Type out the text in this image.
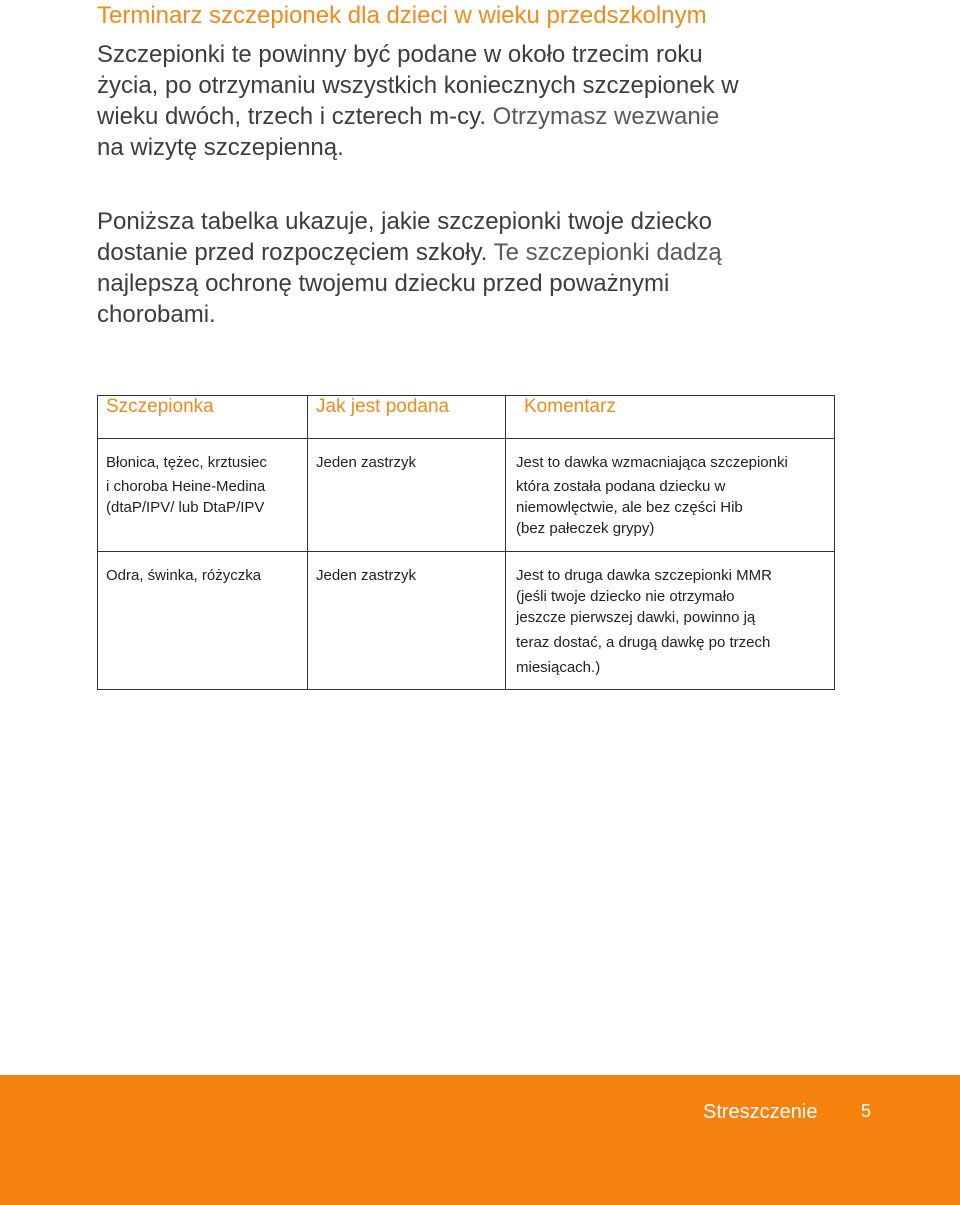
Terminarz szczepionek dla dzieci w wieku przedszkolnym

Szczepionki te powinny być podane w około trzecim roku
życia, po otrzymaniu wszystkich koniecznych szczepionek w
wieku dwóch, trzech i czterech m-cy. Otrzymasz wezwanie
na wizytę szczepienną.

Poniższa tabelka ukazuje, jakie szczepionki twoje dziecko
dostanie przed rozpoczęciem szkoły. Te szczepionki dadzą
najlepszą ochronę twojemu dziecku przed poważnymi
chorobami.

Szczepionka	Jak jest podana	Komentarz

Błonica, tężec, krztusiec
i choroba Heine-Medina
(dtaP/IPV/ lub DtaP/IPV	Jeden zastrzyk	Jest to dawka wzmacniająca szczepionki
która została podana dziecku w
niemowlęctwie, ale bez części Hib
(bez pałeczek grypy)

Odra, świnka, różyczka	Jeden zastrzyk	Jest to druga dawka szczepionki MMR
(jeśli twoje dziecko nie otrzymało
jeszcze pierwszej dawki, powinno ją
teraz dostać, a drugą dawkę po trzech
miesiącach.)
Streszczenie 5
